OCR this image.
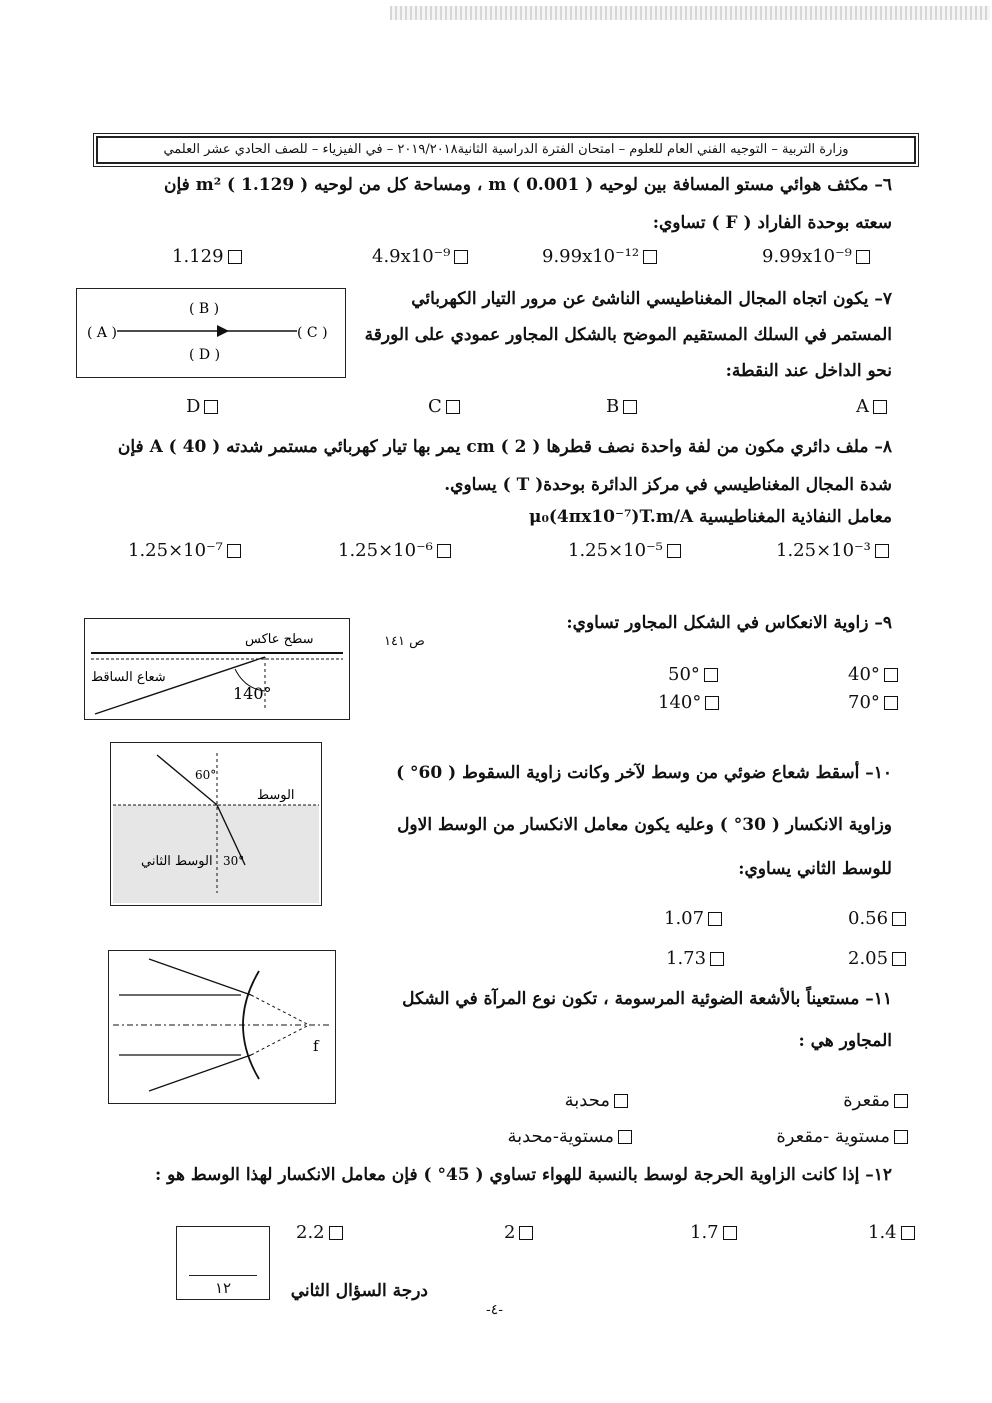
وزارة التربية – التوجيه الفني العام للعلوم – امتحان الفترة الدراسية الثانية٢٠١٩/٢٠١٨ – في الفيزياء – للصف الحادي عشر العلمي
٦– مكثف هوائي مستو المسافة بين لوحيه m ( 0.001 ) ، ومساحة كل من لوحيه m² ( 1.129 ) فإن
سعته بوحدة الفاراد ( F ) تساوي:
9.99x10⁻⁹
9.99x10⁻¹²
4.9x10⁻⁹
1.129
٧– يكون اتجاه المجال المغناطيسي الناشئ عن مرور التيار الكهربائي
المستمر في السلك المستقيم الموضح بالشكل المجاور عمودي على الورقة
نحو الداخل عند النقطة:
( A )
( B )
( C )
( D )
A
B
C
D
٨– ملف دائري مكون من لفة واحدة نصف قطرها cm ( 2 ) يمر بها تيار كهربائي مستمر شدته A ( 40 ) فإن
شدة المجال المغناطيسي في مركز الدائرة بوحدة( T ) يساوي.
معامل النفاذية المغناطيسية μ₀(4πx10⁻⁷)T.m/A
1.25×10⁻³
1.25×10⁻⁵
1.25×10⁻⁶
1.25×10⁻⁷
٩– زاوية الانعكاس في الشكل المجاور تساوي:
ص ١٤١
سطح عاكس
شعاع الساقط
140°
40°
50°
70°
140°
١٠– أسقط شعاع ضوئي من وسط لآخر وكانت زاوية السقوط ( 60° )
وزاوية الانكسار ( 30° ) وعليه يكون معامل الانكسار من الوسط الاول
للوسط الثاني يساوي:
60°
الوسط
الوسط الثاني 30°
0.56
1.07
2.05
1.73
١١– مستعيناً بالأشعة الضوئية المرسومة ، تكون نوع المرآة في الشكل
المجاور هي :
f
مقعرة
محدبة
مستوية -مقعرة
مستوية-محدبة
١٢– إذا كانت الزاوية الحرجة لوسط بالنسبة للهواء تساوي ( 45° ) فإن معامل الانكسار لهذا الوسط هو :
1.4
1.7
2
2.2
١٢	درجة السؤال الثاني
-٤-
